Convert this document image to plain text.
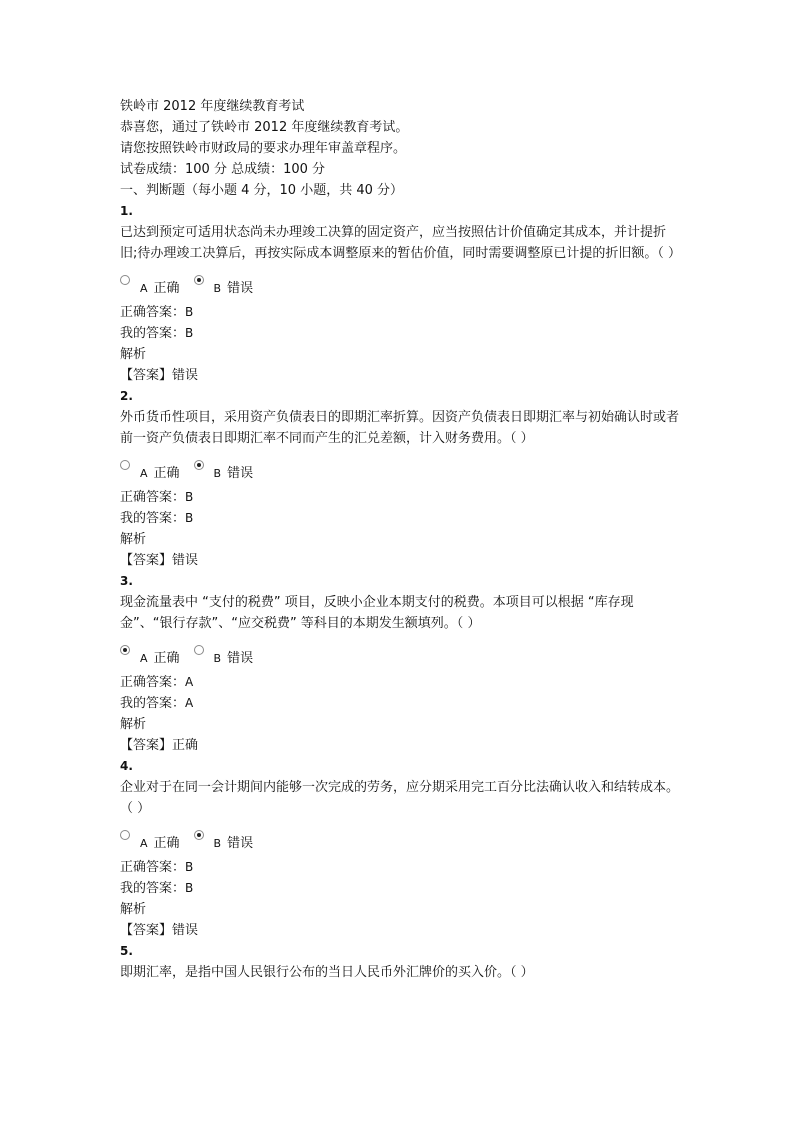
铁岭市 2012 年度继续教育考试
恭喜您，通过了铁岭市 2012 年度继续教育考试。
请您按照铁岭市财政局的要求办理年审盖章程序。
试卷成绩：100 分 总成绩：100 分
一、判断题（每小题 4 分，10 小题，共 40 分）
1.
已达到预定可适用状态尚未办理竣工决算的固定资产，应当按照估计价值确定其成本，并计提折旧;待办理竣工决算后，再按实际成本调整原来的暂估价值，同时需要调整原已计提的折旧额。（ ）
A 正确	B 错误
正确答案：B
我的答案：B
解析
【答案】错误
2.
外币货币性项目，采用资产负债表日的即期汇率折算。因资产负债表日即期汇率与初始确认时或者前一资产负债表日即期汇率不同而产生的汇兑差额，计入财务费用。（ ）
A 正确	B 错误
正确答案：B
我的答案：B
解析
【答案】错误
3.
现金流量表中 “支付的税费” 项目，反映小企业本期支付的税费。本项目可以根据 “库存现金”、“银行存款”、“应交税费” 等科目的本期发生额填列。（ ）
A 正确	B 错误
正确答案：A
我的答案：A
解析
【答案】正确
4.
企业对于在同一会计期间内能够一次完成的劳务，应分期采用完工百分比法确认收入和结转成本。（ ）
A 正确	B 错误
正确答案：B
我的答案：B
解析
【答案】错误
5.
即期汇率，是指中国人民银行公布的当日人民币外汇牌价的买入价。（ ）
